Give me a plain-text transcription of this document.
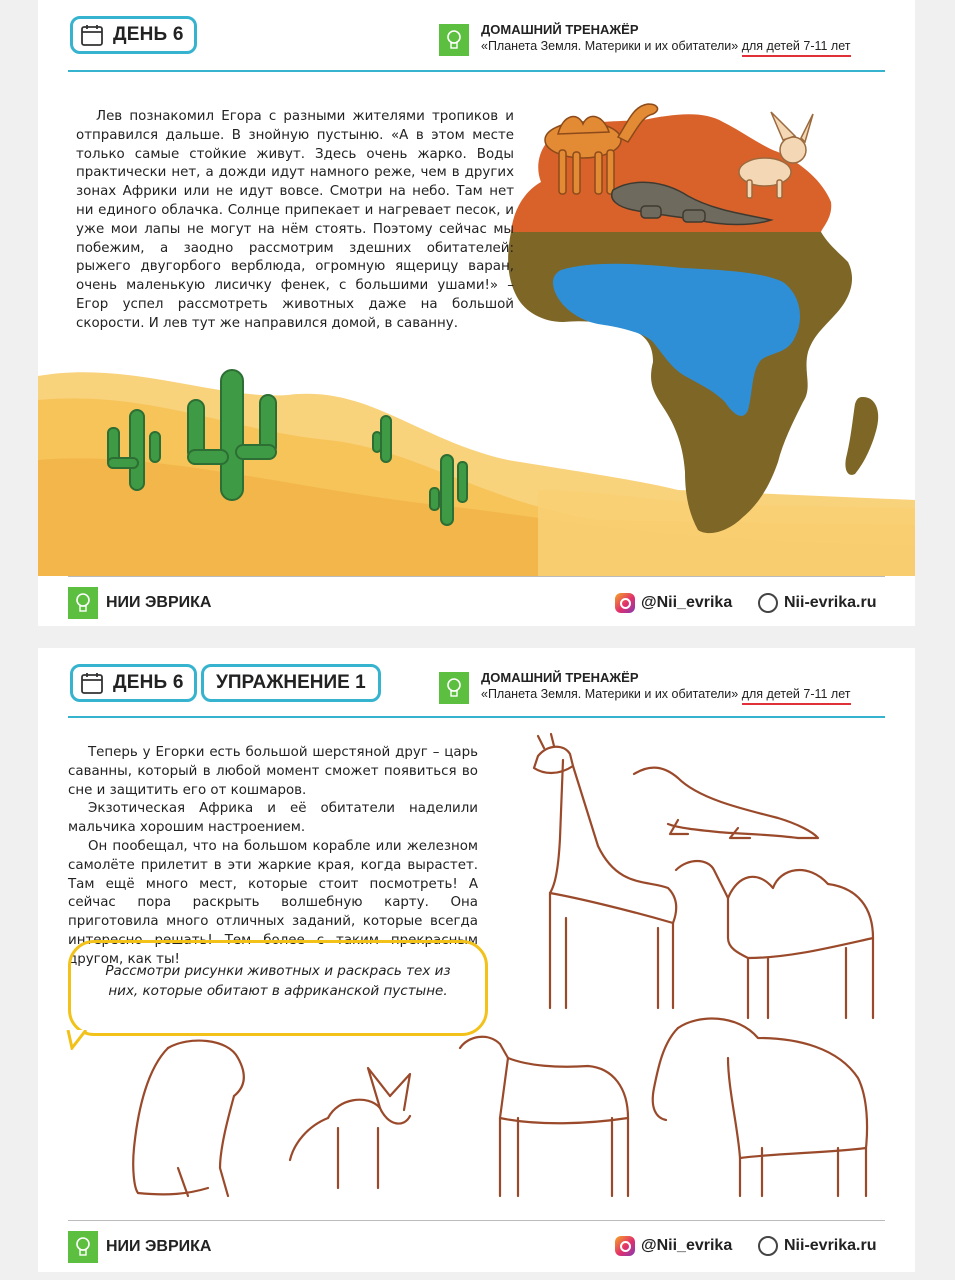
ДЕНЬ 6	ДОМАШНИЙ ТРЕНАЖЁР
«Планета Земля. Материки и их обитатели» для детей 7-11 лет

Лев познакомил Егора с разными жителями тропиков и отправился дальше. В знойную пустыню. «А в этом месте только самые стойкие живут. Здесь очень жарко. Воды практически нет, а дожди идут намного реже, чем в других зонах Африки или не идут вовсе. Смотри на небо. Там нет ни единого облачка. Солнце припекает и нагревает песок, и уже мои лапы не могут на нём стоять. Поэтому сейчас мы побежим, а заодно рассмотрим здешних обитателей: рыжего двугорбого верблюда, огромную ящерицу варан, очень маленькую лисичку фенек, с большими ушами!» – Егор успел рассмотреть животных даже на большой скорости. И лев тут же направился домой, в саванну.

НИИ ЭВРИКА	@Nii_evrika	Nii-evrika.ru
ДЕНЬ 6	УПРАЖНЕНИЕ 1	ДОМАШНИЙ ТРЕНАЖЁР
«Планета Земля. Материки и их обитатели» для детей 7-11 лет

Теперь у Егорки есть большой шерстяной друг – царь саванны, который в любой момент сможет появиться во сне и защитить его от кошмаров.

Экзотическая Африка и её обитатели наделили мальчика хорошим настроением.

Он пообещал, что на большом корабле или железном самолёте прилетит в эти жаркие края, когда вырастет. Там ещё много мест, которые стоит посмотреть! А сейчас пора раскрыть волшебную карту. Она приготовила много отличных заданий, которые всегда интересно решать! Тем более с таким прекрасным другом, как ты!

Рассмотри рисунки животных и раскрась тех из них, которые обитают в африканской пустыне.
НИИ ЭВРИКА	@Nii_evrika	Nii-evrika.ru
